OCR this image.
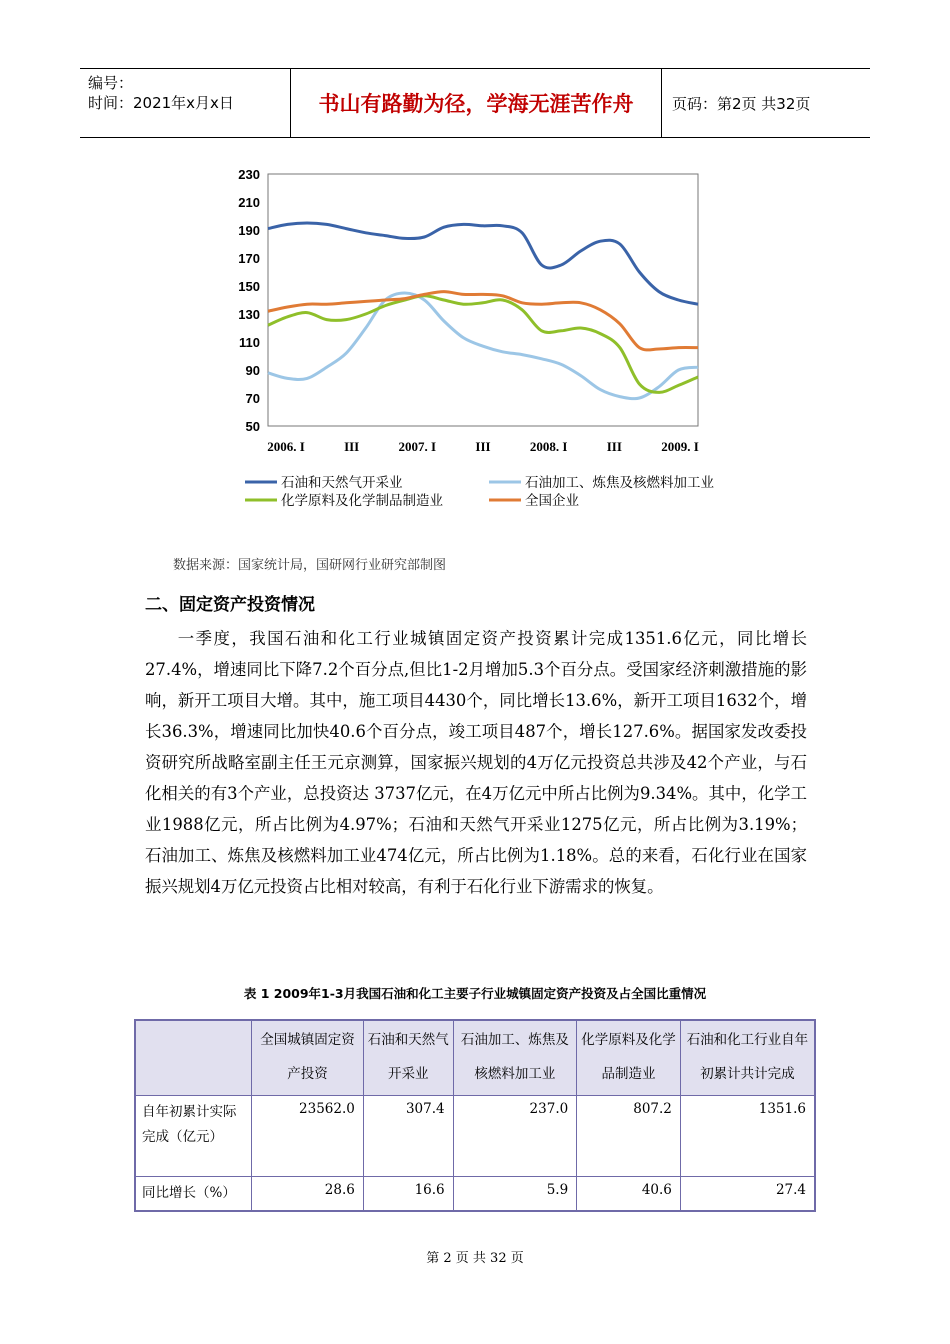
编号：
时间：2021年x月x日	书山有路勤为径，学海无涯苦作舟	页码：第2页 共32页
50
70
90
110
130
150
170
190
210
230
2006. I	III	2007. I	III	2008. I	III	2009. I
石油和天然气开采业	石油加工、炼焦及核燃料加工业
化学原料及化学制品制造业	全国企业
数据来源：国家统计局，国研网行业研究部制图
二、固定资产投资情况
一季度，我国石油和化工行业城镇固定资产投资累计完成1351.6亿元，同比增长27.4%，增速同比下降7.2个百分点,但比1-2月增加5.3个百分点。受国家经济刺激措施的影响，新开工项目大增。其中，施工项目4430个，同比增长13.6%，新开工项目1632个，增长36.3%，增速同比加快40.6个百分点，竣工项目487个，增长127.6%。据国家发改委投资研究所战略室副主任王元京测算，国家振兴规划的4万亿元投资总共涉及42个产业，与石化相关的有3个产业，总投资达 3737亿元，在4万亿元中所占比例为9.34%。其中，化学工业1988亿元，所占比例为4.97%；石油和天然气开采业1275亿元，所占比例为3.19%；石油加工、炼焦及核燃料加工业474亿元，所占比例为1.18%。总的来看，石化行业在国家振兴规划4万亿元投资占比相对较高，有利于石化行业下游需求的恢复。
表 1 2009年1-3月我国石油和化工主要子行业城镇固定资产投资及占全国比重情况
	全国城镇固定资产投资	石油和天然气开采业	石油加工、炼焦及核燃料加工业	化学原料及化学品制造业	石油和化工行业自年初累计共计完成
自年初累计实际完成（亿元）	23562.0	307.4	237.0	807.2	1351.6
同比增长（%）	28.6	16.6	5.9	40.6	27.4
第 2 页 共 32 页
